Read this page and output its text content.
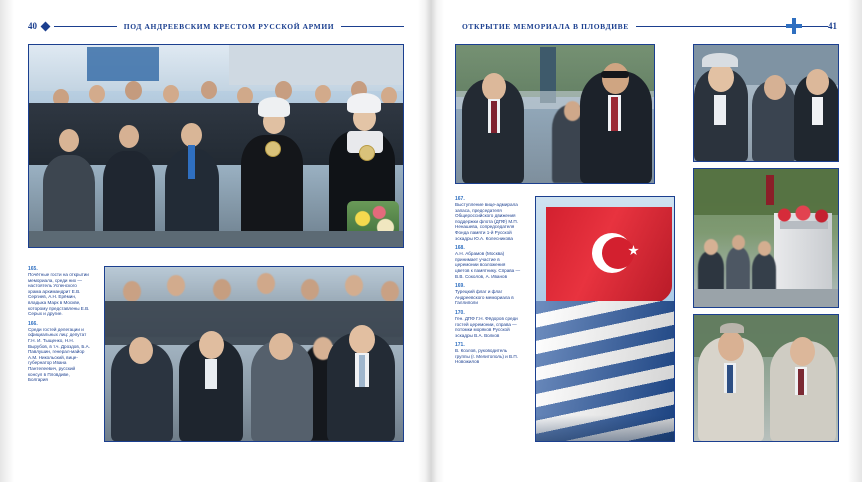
40	ПОД АНДРЕЕВСКИМ КРЕСТОМ РУССКОЙ АРМИИ

165.
Почётные гости на открытии мемориала, среди них — настоятель Успенского храма архимандрит Е.В. Сергиев, А.Н. Ерёмин, владыка Марк в Москве, которому представлены Е.В. Серых и другие.

166.
Среди гостей делегации и официальных лиц: депутат Г.Н. И. Тыщенко, Н.Н. Вырубов, в т.ч. Дроздов, Б.А. Павлушин, генерал-майор А.М. Никольский, вице-губернатор Ивана Пантелеевич, русский консул в Пловдиве, Болгария

ОТКРЫТИЕ МЕМОРИАЛА В ПЛОВДИВЕ	41

167.
Выступление вице-адмирала запаса, председателя Общероссийского движения поддержки флота (ДПФ) М.П. Ненашева, сопредседателя Фонда памяти 1-й Русской эскадры Ю.А. Колесникова

168.
А.Н. Абрамов (Москва) принимает участие в церемонии возложения цветов к памятнику. Справа — В.В. Соколов, А. Иванов

169.
Турецкий флаг и флаг Андреевского мемориала в Галлиполи

170.
Ген. ДПФ Г.Н. Фёдоров среди гостей церемонии, справа — потомки моряков Русской эскадры В.А. Волков

171.
В. Козлов, руководитель группы (г. Мелитополь) и В.П. Новожилов
